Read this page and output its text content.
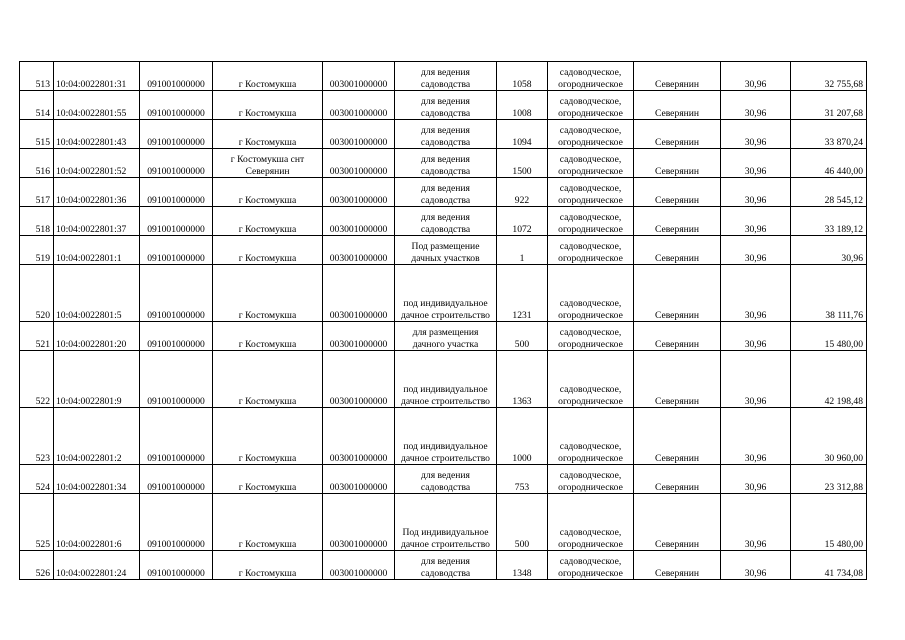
513	10:04:0022801:31	091001000000	г Костомукша	003001000000	для ведения садоводства	1058	садоводческое, огородническое	Северянин	30,96	32 755,68
514	10:04:0022801:55	091001000000	г Костомукша	003001000000	для ведения садоводства	1008	садоводческое, огородническое	Северянин	30,96	31 207,68
515	10:04:0022801:43	091001000000	г Костомукша	003001000000	для ведения садоводства	1094	садоводческое, огородническое	Северянин	30,96	33 870,24
516	10:04:0022801:52	091001000000	г Костомукша снт Северянин	003001000000	для ведения садоводства	1500	садоводческое, огородническое	Северянин	30,96	46 440,00
517	10:04:0022801:36	091001000000	г Костомукша	003001000000	для ведения садоводства	922	садоводческое, огородническое	Северянин	30,96	28 545,12
518	10:04:0022801:37	091001000000	г Костомукша	003001000000	для ведения садоводства	1072	садоводческое, огородническое	Северянин	30,96	33 189,12
519	10:04:0022801:1	091001000000	г Костомукша	003001000000	Под размещение дачных участков	1	садоводческое, огородническое	Северянин	30,96	30,96
520	10:04:0022801:5	091001000000	г Костомукша	003001000000	под индивидуальное дачное строительство	1231	садоводческое, огородническое	Северянин	30,96	38 111,76
521	10:04:0022801:20	091001000000	г Костомукша	003001000000	для размещения дачного участка	500	садоводческое, огородническое	Северянин	30,96	15 480,00
522	10:04:0022801:9	091001000000	г Костомукша	003001000000	под индивидуальное дачное строительство	1363	садоводческое, огородническое	Северянин	30,96	42 198,48
523	10:04:0022801:2	091001000000	г Костомукша	003001000000	под индивидуальное дачное строительство	1000	садоводческое, огородническое	Северянин	30,96	30 960,00
524	10:04:0022801:34	091001000000	г Костомукша	003001000000	для ведения садоводства	753	садоводческое, огородническое	Северянин	30,96	23 312,88
525	10:04:0022801:6	091001000000	г Костомукша	003001000000	Под индивидуальное дачное строительство	500	садоводческое, огородническое	Северянин	30,96	15 480,00
526	10:04:0022801:24	091001000000	г Костомукша	003001000000	для ведения садоводства	1348	садоводческое, огородническое	Северянин	30,96	41 734,08
